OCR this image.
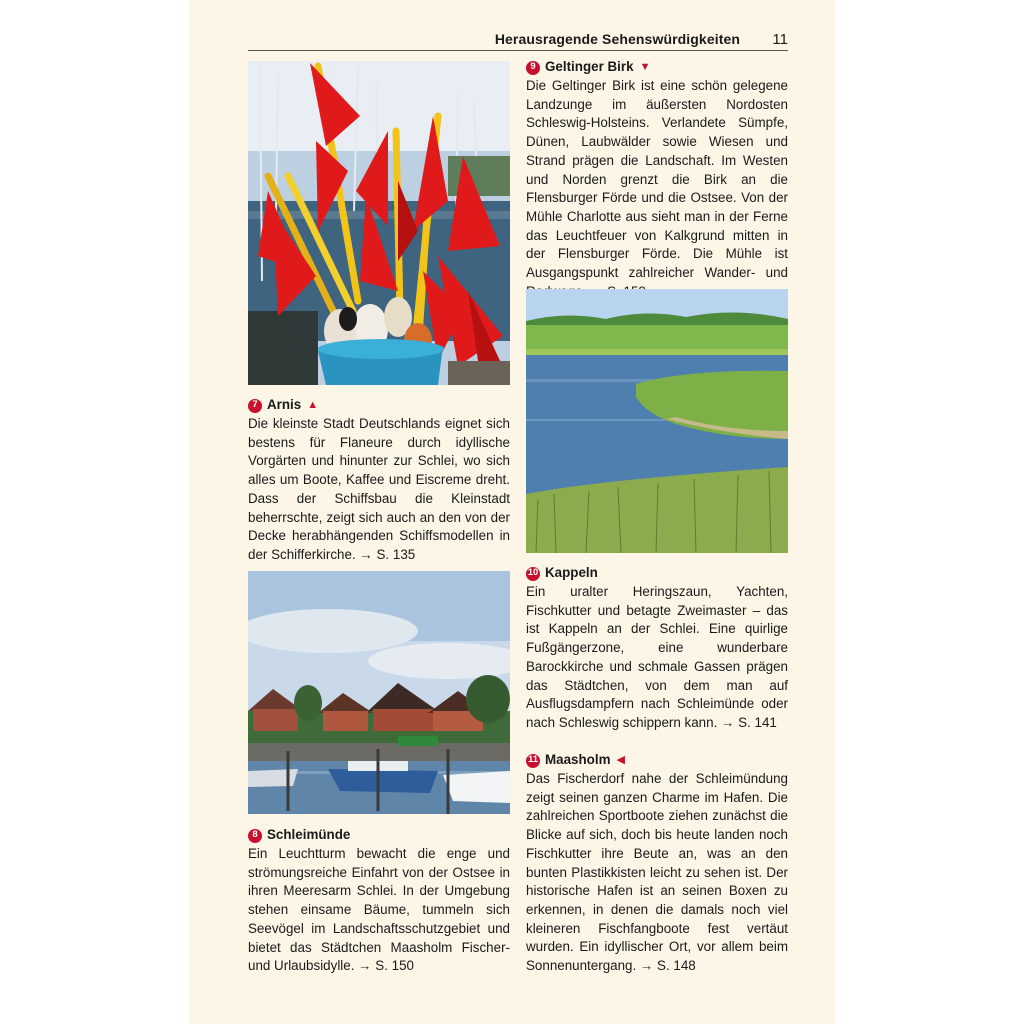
Herausragende Sehenswürdigkeiten 11
7 Arnis ▲

Die kleinste Stadt Deutschlands eignet sich bestens für Flaneure durch idyllische Vorgärten und hinunter zur Schlei, wo sich alles um Boote, Kaffee und Eiscreme dreht. Dass der Schiffsbau die Kleinstadt beherrschte, zeigt sich auch an den von der Decke herabhängenden Schiffsmodellen in der Schifferkirche. → S. 135

8 Schleimünde

Ein Leuchtturm bewacht die enge und strömungsreiche Einfahrt von der Ostsee in ihren Meeresarm Schlei. In der Umgebung stehen einsame Bäume, tummeln sich Seevögel im Landschaftsschutzgebiet und bietet das Städtchen Maasholm Fischer- und Urlaubsidylle. → S. 150

9 Geltinger Birk ▼

Die Geltinger Birk ist eine schön gelegene Landzunge im äußersten Nordosten Schleswig-Holsteins. Verlandete Sümpfe, Dünen, Laubwälder sowie Wiesen und Strand prägen die Landschaft. Im Westen und Norden grenzt die Birk an die Flensburger Förde und die Ostsee. Von der Mühle Charlotte aus sieht man in der Ferne das Leuchtfeuer von Kalkgrund mitten in der Flensburger Förde. Die Mühle ist Ausgangspunkt zahlreicher Wander- und

10 Kappeln

Ein uralter Heringszaun, Yachten, Fischkutter und betagte Zweimaster – das ist Kappeln an der Schlei. Eine quirlige Fußgängerzone, eine wunderbare Barockkirche und schmale Gassen prägen das Städtchen, von dem man auf Ausflugsdampfern nach Schleimünde oder nach Schleswig schippern kann. → S. 141

11 Maasholm ◀

Das Fischerdorf nahe der Schleimündung zeigt seinen ganzen Charme im Hafen. Die zahlreichen Sportboote ziehen zunächst die Blicke auf sich, doch bis heute landen noch Fischkutter ihre Beute an, was an den bunten Plastikkisten leicht zu sehen ist. Der historische Hafen ist an seinen Boxen zu erkennen, in denen die damals noch viel kleineren Fischfangboote fest vertäut wurden. Ein idyllischer Ort, vor allem beim Sonnenuntergang. → S. 148
